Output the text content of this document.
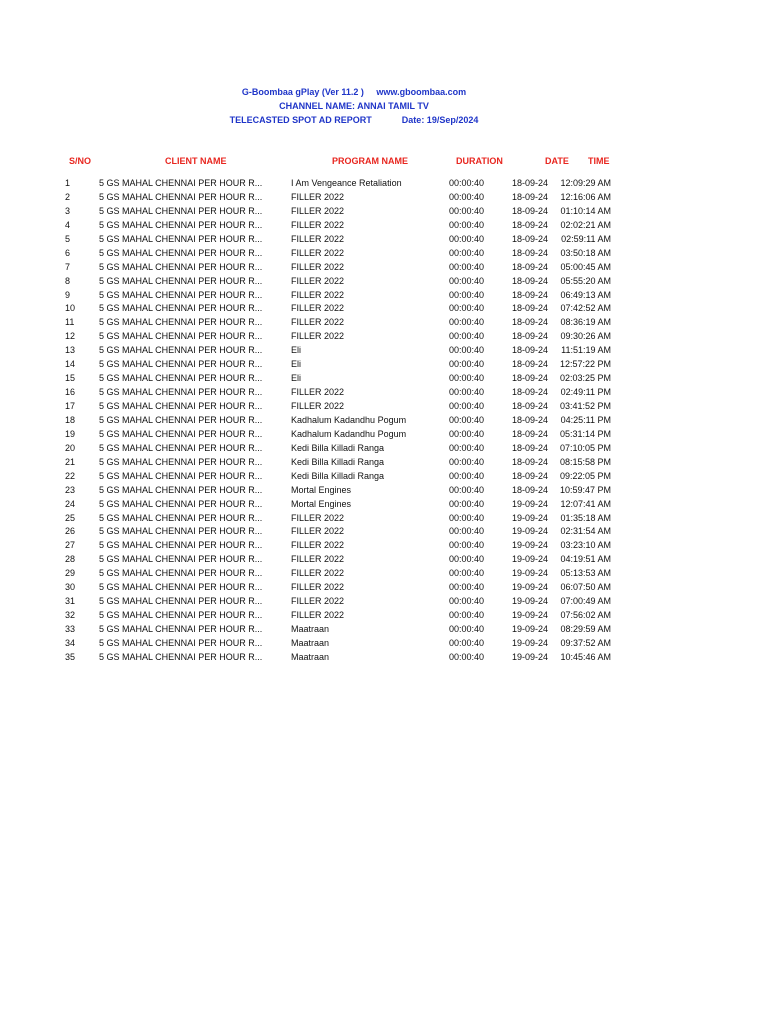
G-Boombaa gPlay (Ver 11.2 )     www.gboombaa.com
CHANNEL NAME: ANNAI TAMIL TV
TELECASTED SPOT AD REPORT            Date: 19/Sep/2024
S/NO	CLIENT NAME	PROGRAM NAME	DURATION	DATE TIME
1	5 GS MAHAL CHENNAI PER HOUR R...	I Am Vengeance Retaliation	00:00:40	18-09-24 12:09:29 AM
2	5 GS MAHAL CHENNAI PER HOUR R...	FILLER 2022	00:00:40	18-09-24 12:16:06 AM
3	5 GS MAHAL CHENNAI PER HOUR R...	FILLER 2022	00:00:40	18-09-24 01:10:14 AM
4	5 GS MAHAL CHENNAI PER HOUR R...	FILLER 2022	00:00:40	18-09-24 02:02:21 AM
5	5 GS MAHAL CHENNAI PER HOUR R...	FILLER 2022	00:00:40	18-09-24 02:59:11 AM
6	5 GS MAHAL CHENNAI PER HOUR R...	FILLER 2022	00:00:40	18-09-24 03:50:18 AM
7	5 GS MAHAL CHENNAI PER HOUR R...	FILLER 2022	00:00:40	18-09-24 05:00:45 AM
8	5 GS MAHAL CHENNAI PER HOUR R...	FILLER 2022	00:00:40	18-09-24 05:55:20 AM
9	5 GS MAHAL CHENNAI PER HOUR R...	FILLER 2022	00:00:40	18-09-24 06:49:13 AM
10	5 GS MAHAL CHENNAI PER HOUR R...	FILLER 2022	00:00:40	18-09-24 07:42:52 AM
11	5 GS MAHAL CHENNAI PER HOUR R...	FILLER 2022	00:00:40	18-09-24 08:36:19 AM
12	5 GS MAHAL CHENNAI PER HOUR R...	FILLER 2022	00:00:40	18-09-24 09:30:26 AM
13	5 GS MAHAL CHENNAI PER HOUR R...	Eli	00:00:40	18-09-24 11:51:19 AM
14	5 GS MAHAL CHENNAI PER HOUR R...	Eli	00:00:40	18-09-24 12:57:22 PM
15	5 GS MAHAL CHENNAI PER HOUR R...	Eli	00:00:40	18-09-24 02:03:25 PM
16	5 GS MAHAL CHENNAI PER HOUR R...	FILLER 2022	00:00:40	18-09-24 02:49:11 PM
17	5 GS MAHAL CHENNAI PER HOUR R...	FILLER 2022	00:00:40	18-09-24 03:41:52 PM
18	5 GS MAHAL CHENNAI PER HOUR R...	Kadhalum Kadandhu Pogum	00:00:40	18-09-24 04:25:11 PM
19	5 GS MAHAL CHENNAI PER HOUR R...	Kadhalum Kadandhu Pogum	00:00:40	18-09-24 05:31:14 PM
20	5 GS MAHAL CHENNAI PER HOUR R...	Kedi Billa Killadi Ranga	00:00:40	18-09-24 07:10:05 PM
21	5 GS MAHAL CHENNAI PER HOUR R...	Kedi Billa Killadi Ranga	00:00:40	18-09-24 08:15:58 PM
22	5 GS MAHAL CHENNAI PER HOUR R...	Kedi Billa Killadi Ranga	00:00:40	18-09-24 09:22:05 PM
23	5 GS MAHAL CHENNAI PER HOUR R...	Mortal Engines	00:00:40	18-09-24 10:59:47 PM
24	5 GS MAHAL CHENNAI PER HOUR R...	Mortal Engines	00:00:40	19-09-24 12:07:41 AM
25	5 GS MAHAL CHENNAI PER HOUR R...	FILLER 2022	00:00:40	19-09-24 01:35:18 AM
26	5 GS MAHAL CHENNAI PER HOUR R...	FILLER 2022	00:00:40	19-09-24 02:31:54 AM
27	5 GS MAHAL CHENNAI PER HOUR R...	FILLER 2022	00:00:40	19-09-24 03:23:10 AM
28	5 GS MAHAL CHENNAI PER HOUR R...	FILLER 2022	00:00:40	19-09-24 04:19:51 AM
29	5 GS MAHAL CHENNAI PER HOUR R...	FILLER 2022	00:00:40	19-09-24 05:13:53 AM
30	5 GS MAHAL CHENNAI PER HOUR R...	FILLER 2022	00:00:40	19-09-24 06:07:50 AM
31	5 GS MAHAL CHENNAI PER HOUR R...	FILLER 2022	00:00:40	19-09-24 07:00:49 AM
32	5 GS MAHAL CHENNAI PER HOUR R...	FILLER 2022	00:00:40	19-09-24 07:56:02 AM
33	5 GS MAHAL CHENNAI PER HOUR R...	Maatraan	00:00:40	19-09-24 08:29:59 AM
34	5 GS MAHAL CHENNAI PER HOUR R...	Maatraan	00:00:40	19-09-24 09:37:52 AM
35	5 GS MAHAL CHENNAI PER HOUR R...	Maatraan	00:00:40	19-09-24 10:45:46 AM
